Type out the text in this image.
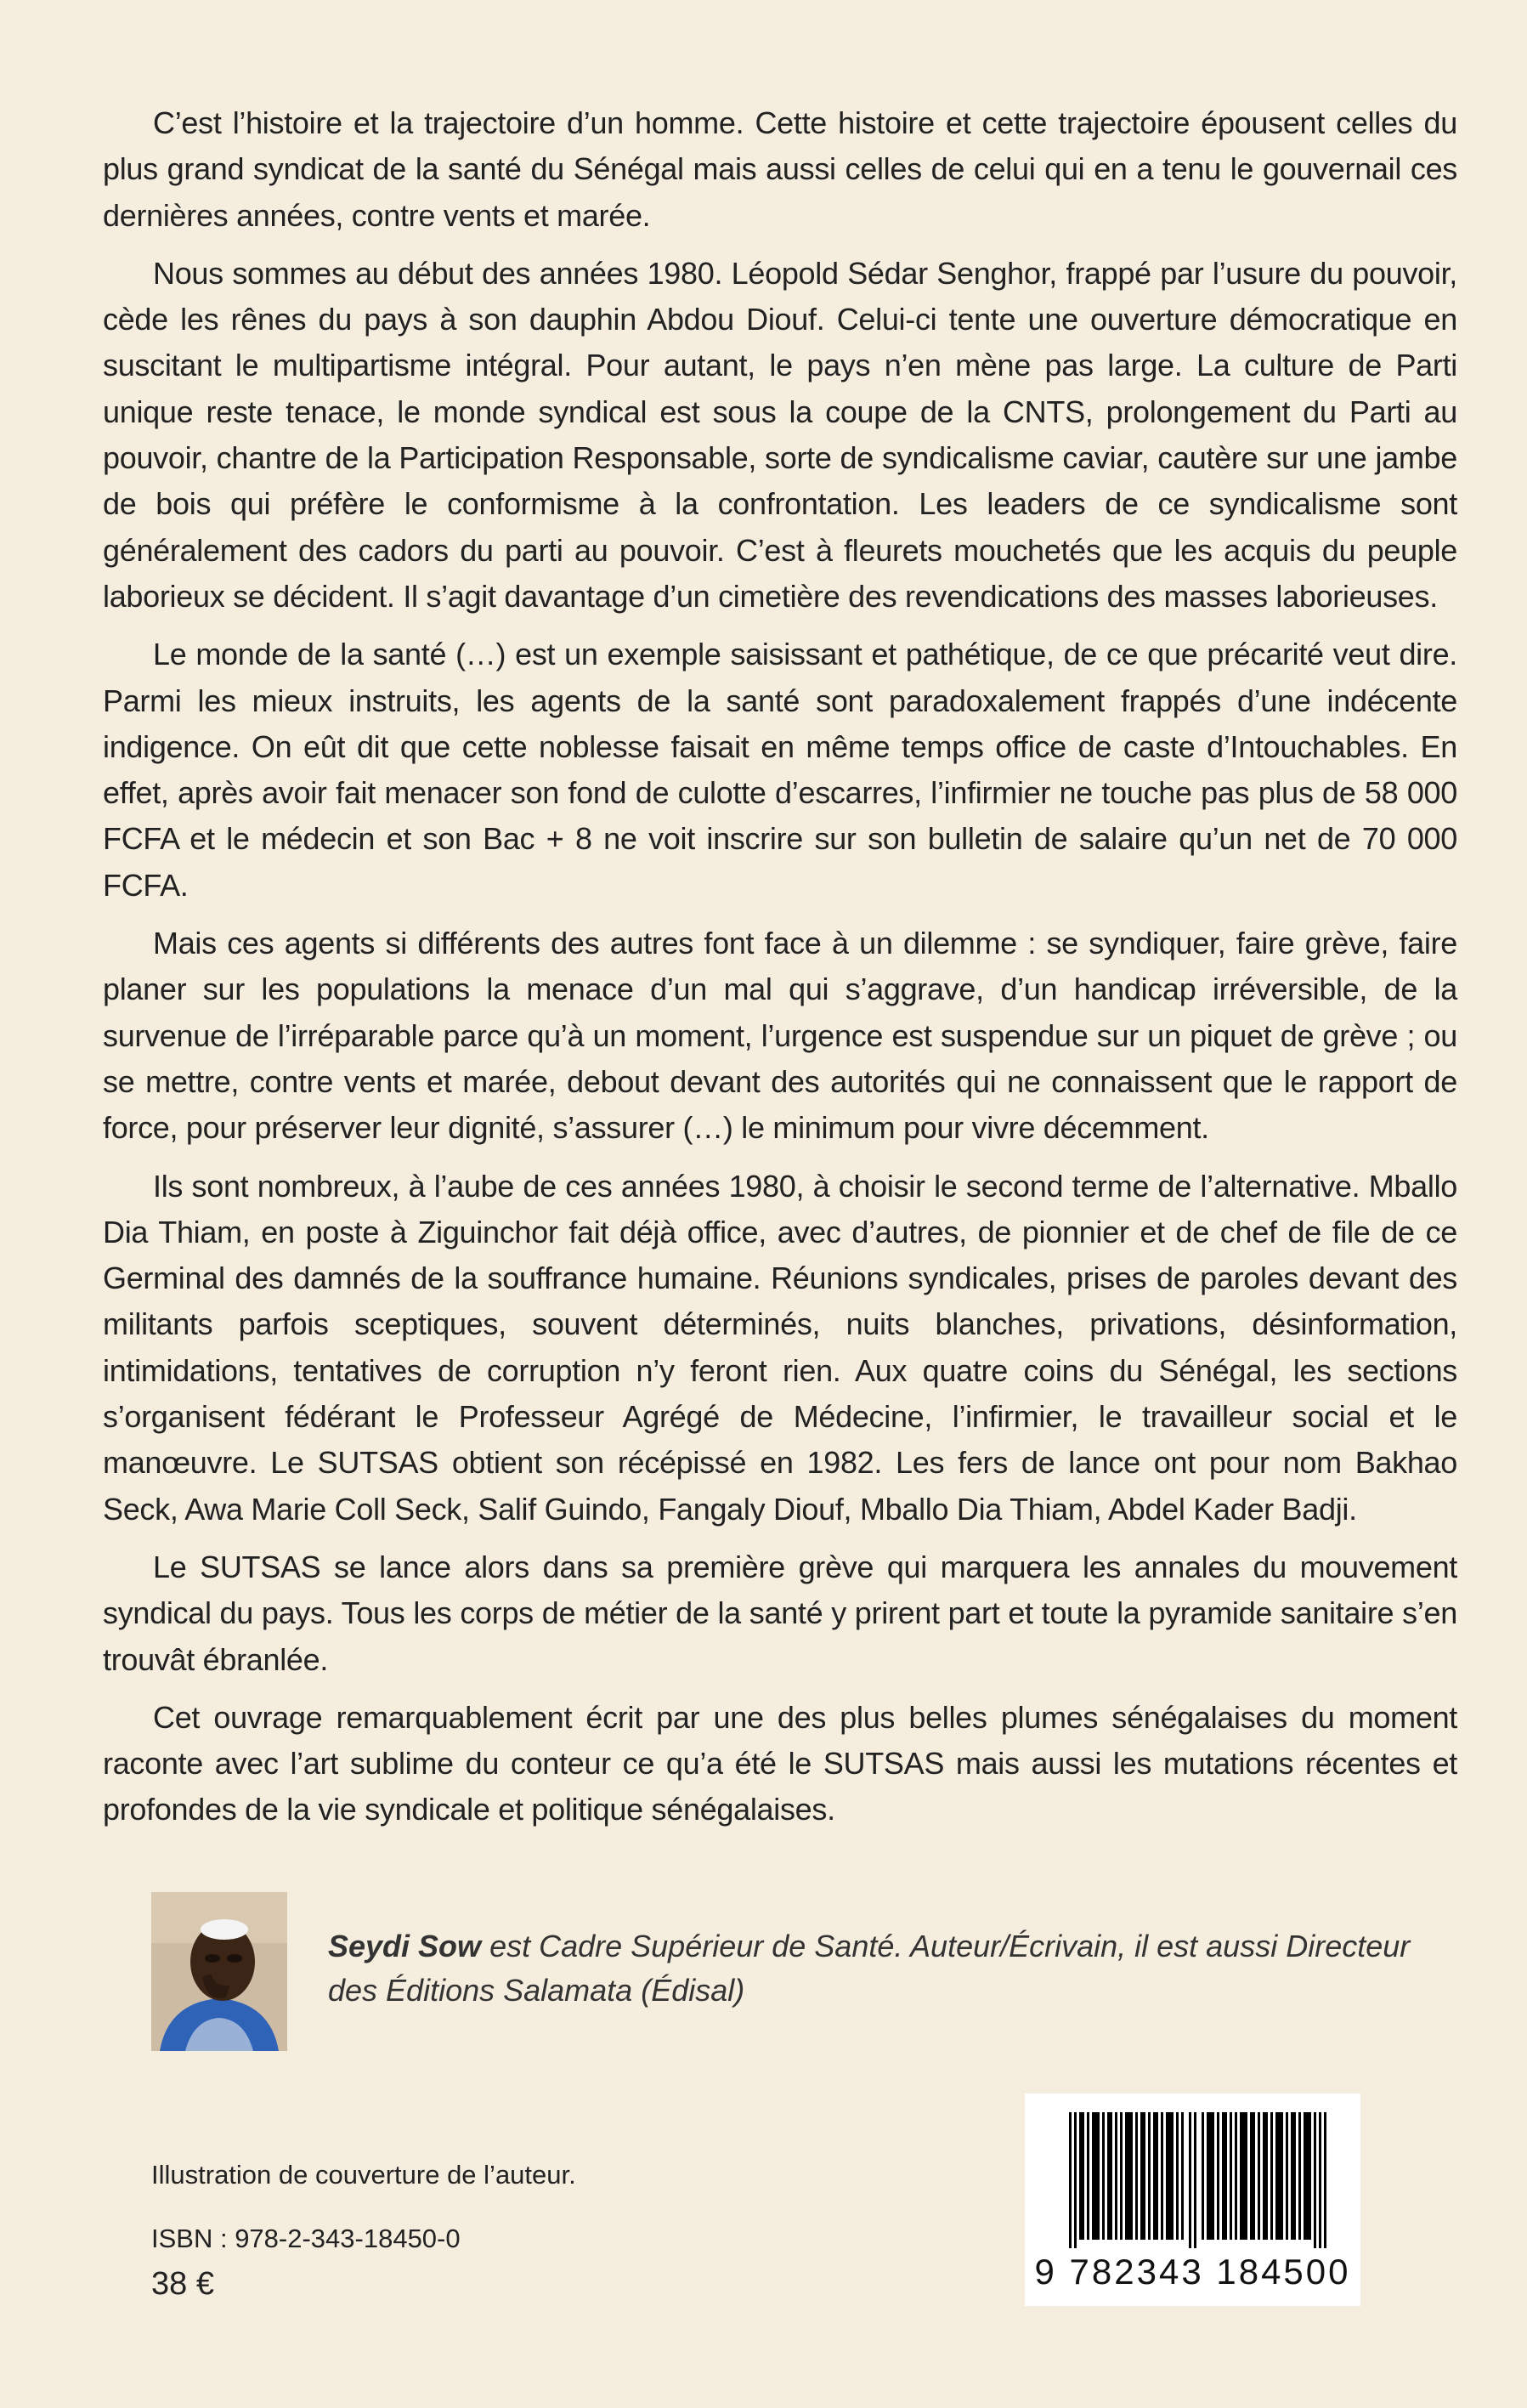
C’est l’histoire et la trajectoire d’un homme. Cette histoire et cette trajectoire épousent celles du plus grand syndicat de la santé du Sénégal mais aussi celles de celui qui en a tenu le gouvernail ces dernières années, contre vents et marée.

Nous sommes au début des années 1980. Léopold Sédar Senghor, frappé par l’usure du pouvoir, cède les rênes du pays à son dauphin Abdou Diouf. Celui-ci tente une ouverture démocratique en suscitant le multipartisme intégral. Pour autant, le pays n’en mène pas large. La culture de Parti unique reste tenace, le monde syndical est sous la coupe de la CNTS, prolongement du Parti au pouvoir, chantre de la Participation Responsable, sorte de syndicalisme caviar, cautère sur une jambe de bois qui préfère le conformisme à la confrontation. Les leaders de ce syndicalisme sont généralement des cadors du parti au pouvoir. C’est à fleurets mouchetés que les acquis du peuple laborieux se décident. Il s’agit davantage d’un cimetière des revendications des masses laborieuses.

Le monde de la santé (…) est un exemple saisissant et pathétique, de ce que précarité veut dire. Parmi les mieux instruits, les agents de la santé sont paradoxalement frappés d’une indécente indigence. On eût dit que cette noblesse faisait en même temps office de caste d’Intouchables. En effet, après avoir fait menacer son fond de culotte d’escarres, l’infirmier ne touche pas plus de 58 000 FCFA et le médecin et son Bac + 8 ne voit inscrire sur son bulletin de salaire qu’un net de 70 000 FCFA.

Mais ces agents si différents des autres font face à un dilemme : se syndiquer, faire grève, faire planer sur les populations la menace d’un mal qui s’aggrave, d’un handicap irréversible, de la survenue de l’irréparable parce qu’à un moment, l’urgence est suspendue sur un piquet de grève ; ou se mettre, contre vents et marée, debout devant des autorités qui ne connaissent que le rapport de force, pour préserver leur dignité, s’assurer (…) le minimum pour vivre décemment.

Ils sont nombreux, à l’aube de ces années 1980, à choisir le second terme de l’alternative. Mballo Dia Thiam, en poste à Ziguinchor fait déjà office, avec d’autres, de pionnier et de chef de file de ce Germinal des damnés de la souffrance humaine. Réunions syndicales, prises de paroles devant des militants parfois sceptiques, souvent déterminés, nuits blanches, privations, désinformation, intimidations, tentatives de corruption n’y feront rien. Aux quatre coins du Sénégal, les sections s’organisent fédérant le Professeur Agrégé de Médecine, l’infirmier, le travailleur social et le manœuvre. Le SUTSAS obtient son récépissé en 1982. Les fers de lance ont pour nom Bakhao Seck, Awa Marie Coll Seck, Salif Guindo, Fangaly Diouf, Mballo Dia Thiam, Abdel Kader Badji.

Le SUTSAS se lance alors dans sa première grève qui marquera les annales du mouvement syndical du pays. Tous les corps de métier de la santé y prirent part et toute la pyramide sanitaire s’en trouvât ébranlée.

Cet ouvrage remarquablement écrit par une des plus belles plumes sénégalaises du moment raconte avec l’art sublime du conteur ce qu’a été le SUTSAS mais aussi les mutations récentes et profondes de la vie syndicale et politique sénégalaises.

Seydi Sow est Cadre Supérieur de Santé. Auteur/Écrivain, il est aussi Directeur des Éditions Salamata (Édisal)
Illustration de couverture de l’auteur.
ISBN : 978-2-343-18450-0
38 €	9 782343 184500
